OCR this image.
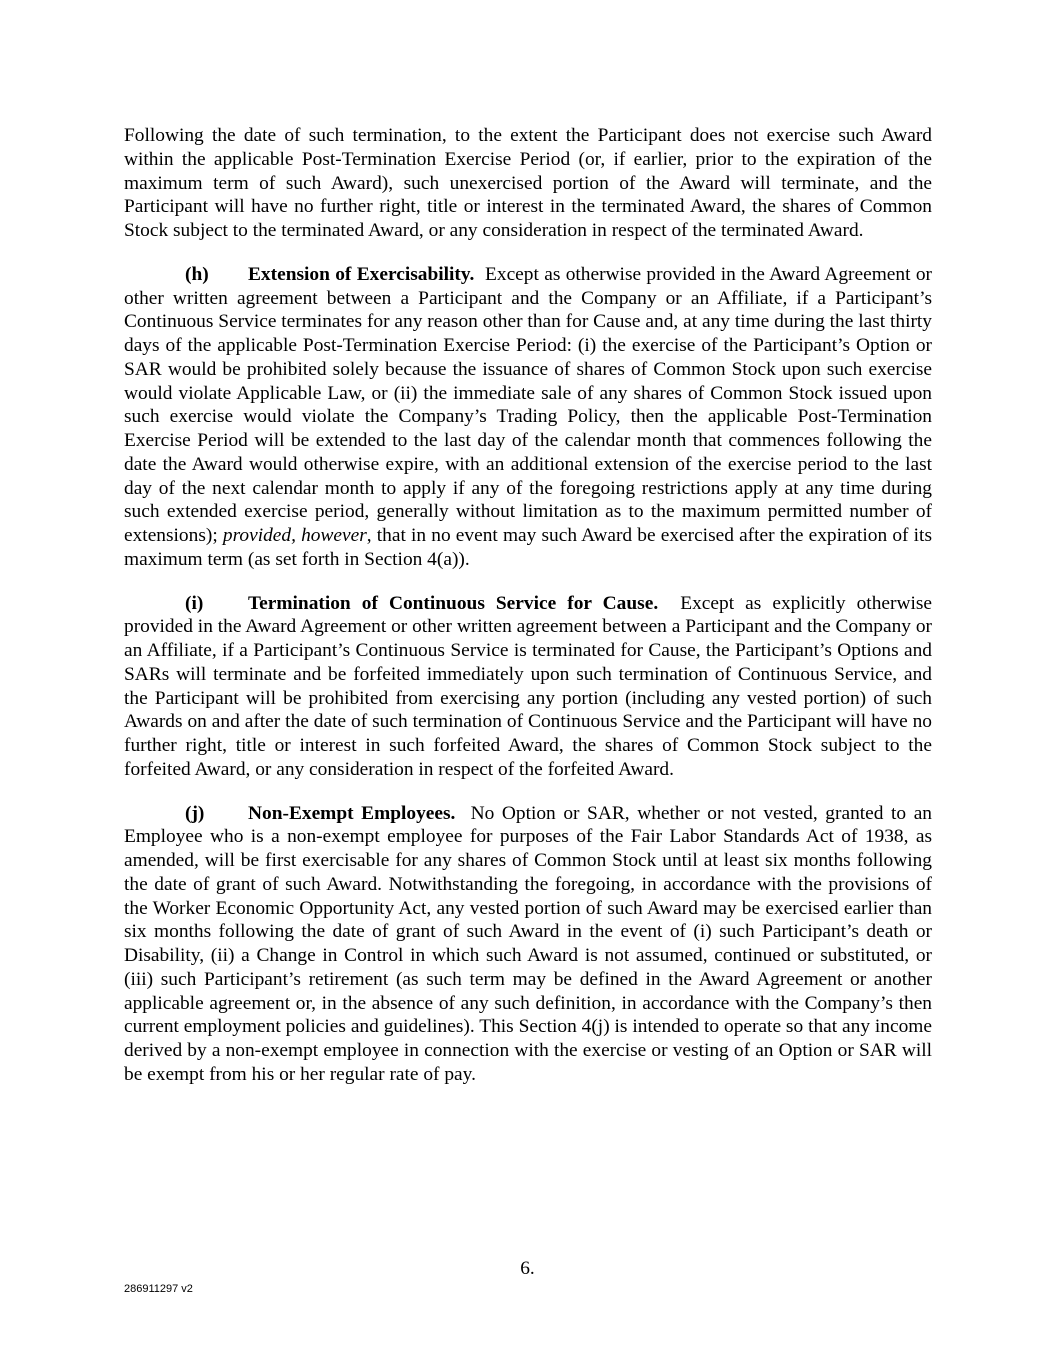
Following the date of such termination, to the extent the Participant does not exercise such Award within the applicable Post-Termination Exercise Period (or, if earlier, prior to the expiration of the maximum term of such Award), such unexercised portion of the Award will terminate, and the Participant will have no further right, title or interest in the terminated Award, the shares of Common Stock subject to the terminated Award, or any consideration in respect of the terminated Award.

(h) Extension of Exercisability. Except as otherwise provided in the Award Agreement or other written agreement between a Participant and the Company or an Affiliate, if a Participant’s Continuous Service terminates for any reason other than for Cause and, at any time during the last thirty days of the applicable Post-Termination Exercise Period: (i) the exercise of the Participant’s Option or SAR would be prohibited solely because the issuance of shares of Common Stock upon such exercise would violate Applicable Law, or (ii) the immediate sale of any shares of Common Stock issued upon such exercise would violate the Company’s Trading Policy, then the applicable Post-Termination Exercise Period will be extended to the last day of the calendar month that commences following the date the Award would otherwise expire, with an additional extension of the exercise period to the last day of the next calendar month to apply if any of the foregoing restrictions apply at any time during such extended exercise period, generally without limitation as to the maximum permitted number of extensions); provided, however, that in no event may such Award be exercised after the expiration of its maximum term (as set forth in Section 4(a)).

(i) Termination of Continuous Service for Cause. Except as explicitly otherwise provided in the Award Agreement or other written agreement between a Participant and the Company or an Affiliate, if a Participant’s Continuous Service is terminated for Cause, the Participant’s Options and SARs will terminate and be forfeited immediately upon such termination of Continuous Service, and the Participant will be prohibited from exercising any portion (including any vested portion) of such Awards on and after the date of such termination of Continuous Service and the Participant will have no further right, title or interest in such forfeited Award, the shares of Common Stock subject to the forfeited Award, or any consideration in respect of the forfeited Award.

(j) Non-Exempt Employees. No Option or SAR, whether or not vested, granted to an Employee who is a non-exempt employee for purposes of the Fair Labor Standards Act of 1938, as amended, will be first exercisable for any shares of Common Stock until at least six months following the date of grant of such Award. Notwithstanding the foregoing, in accordance with the provisions of the Worker Economic Opportunity Act, any vested portion of such Award may be exercised earlier than six months following the date of grant of such Award in the event of (i) such Participant’s death or Disability, (ii) a Change in Control in which such Award is not assumed, continued or substituted, or (iii) such Participant’s retirement (as such term may be defined in the Award Agreement or another applicable agreement or, in the absence of any such definition, in accordance with the Company’s then current employment policies and guidelines). This Section 4(j) is intended to operate so that any income derived by a non-exempt employee in connection with the exercise or vesting of an Option or SAR will be exempt from his or her regular rate of pay.

6.
286911297 v2
